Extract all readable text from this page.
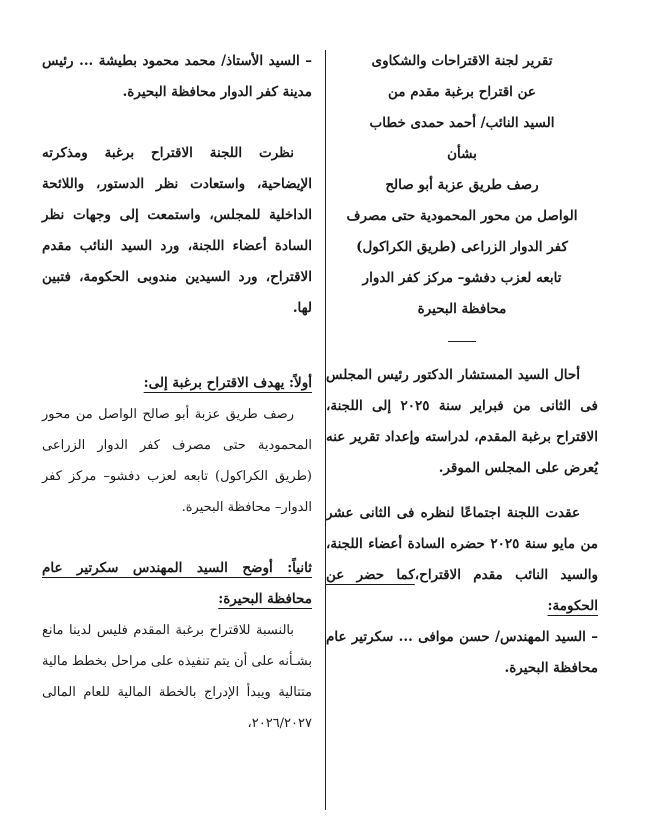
تقرير لجنة الاقتراحات والشكاوى
عن اقتراح برغبة مقدم من
السيد النائب/ أحمد حمدى خطاب
بشأن
رصف طريق عزبة أبو صالح
الواصل من محور المحمودية حتى مصرف
كفر الدوار الزراعى (طريق الكراكول)
تابعه لعزب دفشو– مركز كفر الدوار
محافظة البحيرة

أحال السيد المستشار الدكتور رئيس المجلس فى الثانى من فبراير سنة ٢٠٢٥ إلى اللجنة، الاقتراح برغبة المقدم، لدراسته وإعداد تقرير عنه يُعرض على المجلس الموقر.

عقدت اللجنة اجتماعًا لنظره فى الثانى عشر من مايو سنة ٢٠٢٥ حضره السادة أعضاء اللجنة، والسيد النائب مقدم الاقتراح،كما حضر عن الحكومة:

– السيد المهندس/ حسن موافى ... سكرتير عام محافظة البحيرة.

– السيد الأستاذ/ محمد محمود بطيشة ... رئيس مدينة كفر الدوار محافظة البحيرة.

نظرت اللجنة الاقتراح برغبة ومذكرته الإيضاحية، واستعادت نظر الدستور، واللائحة الداخلية للمجلس، واستمعت إلى وجهات نظر السادة أعضاء اللجنة، ورد السيد النائب مقدم الاقتراح، ورد السيدين مندوبى الحكومة، فتبين لها.

أولاً: يهدف الاقتراح برغبة إلى:

رصف طريق عزبة أبو صالح الواصل من محور المحمودية حتى مصرف كفر الدوار الزراعى (طريق الكراكول) تابعه لعزب دفشو– مركز كفر الدوار– محافظة البحيرة.

ثانياً: أوضح السيد المهندس سكرتير عام محافظة البحيرة:

بالنسبة للاقتراح برغبة المقدم فليس لدينا مانع بشـأنه على أن يتم تنفيذه على مراحل بخطط مالية متتالية ويبدأ الإدراج بالخطة المالية للعام المالى ٢٠٢٦/٢٠٢٧،
